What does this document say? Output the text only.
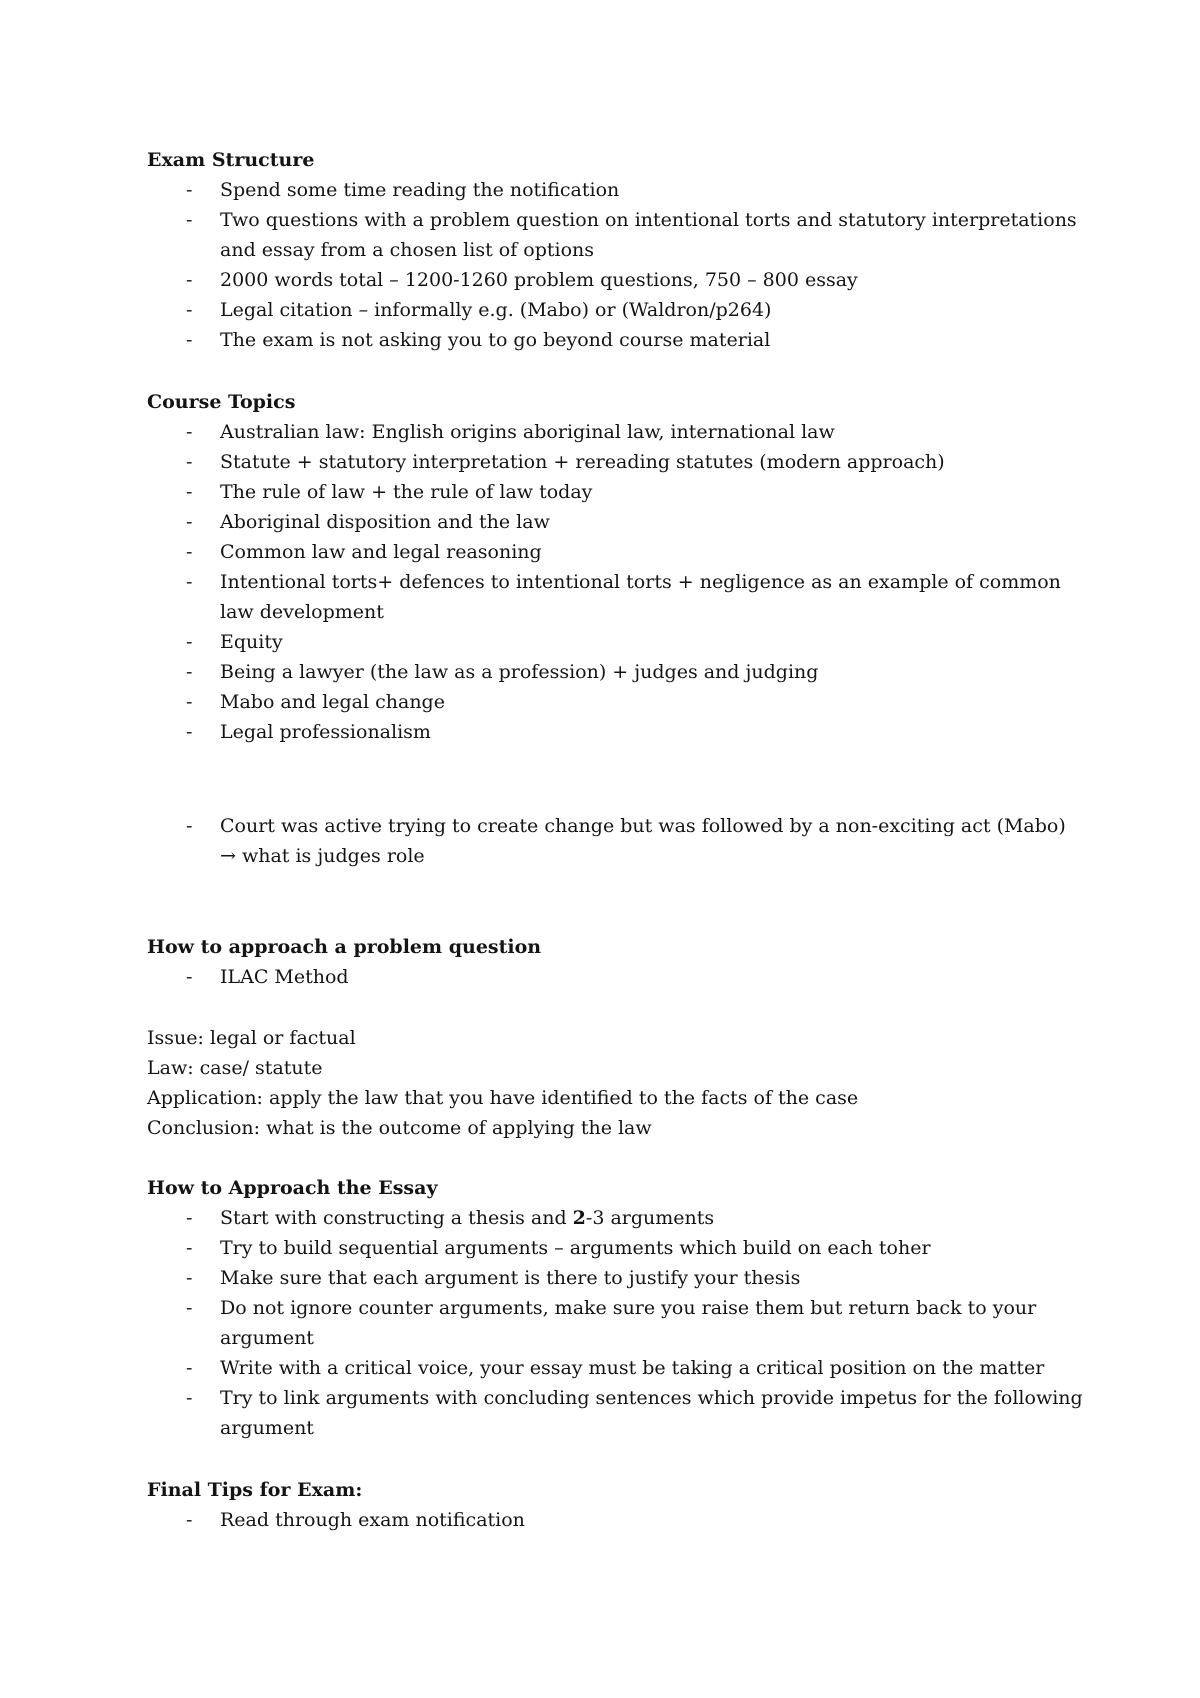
Exam Structure

- Spend some time reading the notification
- Two questions with a problem question on intentional torts and statutory interpretations and essay from a chosen list of options
- 2000 words total – 1200-1260 problem questions, 750 – 800 essay
- Legal citation – informally e.g. (Mabo) or (Waldron/p264)
- The exam is not asking you to go beyond course material

Course Topics

- Australian law: English origins aboriginal law, international law
- Statute + statutory interpretation + rereading statutes (modern approach)
- The rule of law + the rule of law today
- Aboriginal disposition and the law
- Common law and legal reasoning
- Intentional torts+ defences to intentional torts + negligence as an example of common law development
- Equity
- Being a lawyer (the law as a profession) + judges and judging
- Mabo and legal change
- Legal professionalism
- Court was active trying to create change but was followed by a non-exciting act (Mabo) → what is judges role

How to approach a problem question

- ILAC Method

Issue: legal or factual

Law: case/ statute

Application: apply the law that you have identified to the facts of the case

Conclusion: what is the outcome of applying the law

How to Approach the Essay

- Start with constructing a thesis and 2-3 arguments
- Try to build sequential arguments – arguments which build on each toher
- Make sure that each argument is there to justify your thesis
- Do not ignore counter arguments, make sure you raise them but return back to your argument
- Write with a critical voice, your essay must be taking a critical position on the matter
- Try to link arguments with concluding sentences which provide impetus for the following argument

Final Tips for Exam:

- Read through exam notification
